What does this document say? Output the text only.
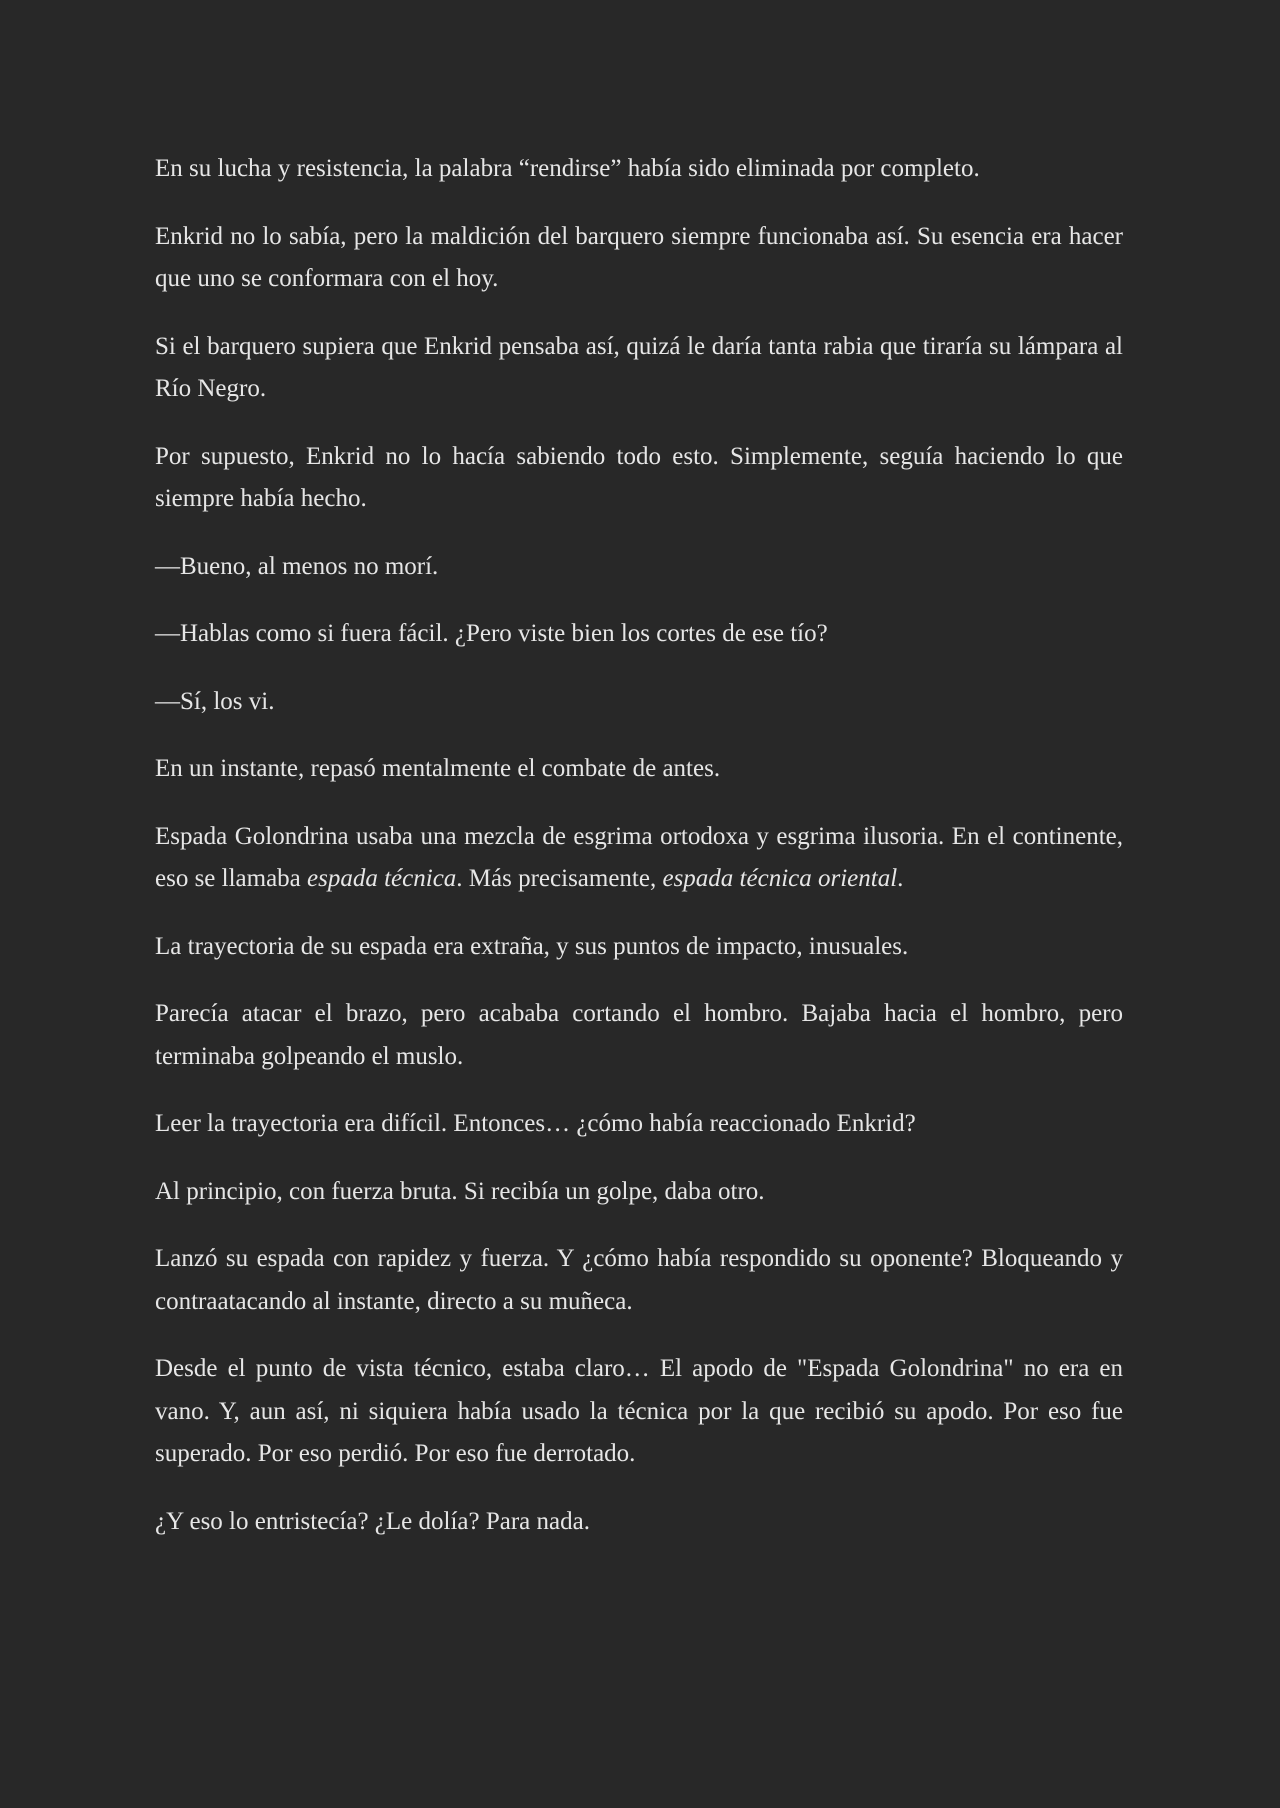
En su lucha y resistencia, la palabra “rendirse” había sido eliminada por completo.

Enkrid no lo sabía, pero la maldición del barquero siempre funcionaba así. Su esencia era hacer que uno se conformara con el hoy.

Si el barquero supiera que Enkrid pensaba así, quizá le daría tanta rabia que tiraría su lámpara al Río Negro.

Por supuesto, Enkrid no lo hacía sabiendo todo esto. Simplemente, seguía haciendo lo que siempre había hecho.

—Bueno, al menos no morí.

—Hablas como si fuera fácil. ¿Pero viste bien los cortes de ese tío?

—Sí, los vi.

En un instante, repasó mentalmente el combate de antes.

Espada Golondrina usaba una mezcla de esgrima ortodoxa y esgrima ilusoria. En el continente, eso se llamaba espada técnica. Más precisamente, espada técnica oriental.

La trayectoria de su espada era extraña, y sus puntos de impacto, inusuales.

Parecía atacar el brazo, pero acababa cortando el hombro. Bajaba hacia el hombro, pero terminaba golpeando el muslo.

Leer la trayectoria era difícil. Entonces… ¿cómo había reaccionado Enkrid?

Al principio, con fuerza bruta. Si recibía un golpe, daba otro.

Lanzó su espada con rapidez y fuerza. Y ¿cómo había respondido su oponente? Bloqueando y contraatacando al instante, directo a su muñeca.

Desde el punto de vista técnico, estaba claro… El apodo de "Espada Golondrina" no era en vano. Y, aun así, ni siquiera había usado la técnica por la que recibió su apodo. Por eso fue superado. Por eso perdió. Por eso fue derrotado.

¿Y eso lo entristecía? ¿Le dolía? Para nada.
